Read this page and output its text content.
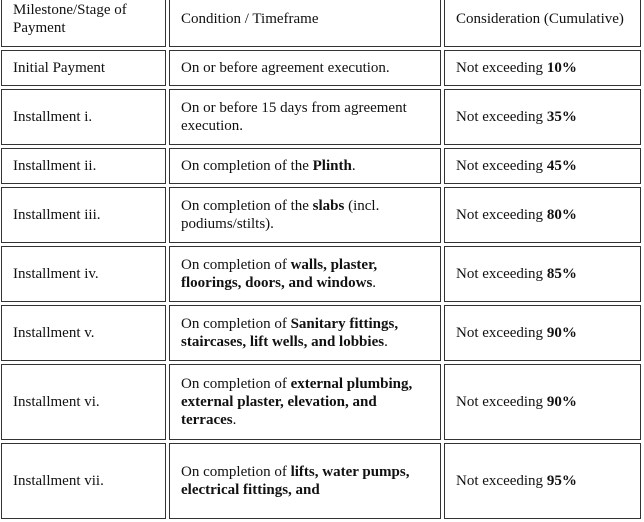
Milestone/Stage of Payment	Condition / Timeframe	Consideration (Cumulative)
Initial Payment	On or before agreement execution.	Not exceeding 10%
Installment i.	On or before 15 days from agreement execution.	Not exceeding 35%
Installment ii.	On completion of the Plinth.	Not exceeding 45%
Installment iii.	On completion of the slabs (incl. podiums/stilts).	Not exceeding 80%
Installment iv.	On completion of walls, plaster, floorings, doors, and windows.	Not exceeding 85%
Installment v.	On completion of Sanitary fittings, staircases, lift wells, and lobbies.	Not exceeding 90%
Installment vi.	On completion of external plumbing, external plaster, elevation, and terraces.	Not exceeding 90%
Installment vii.	On completion of lifts, water pumps, electrical fittings, and	Not exceeding 95%
